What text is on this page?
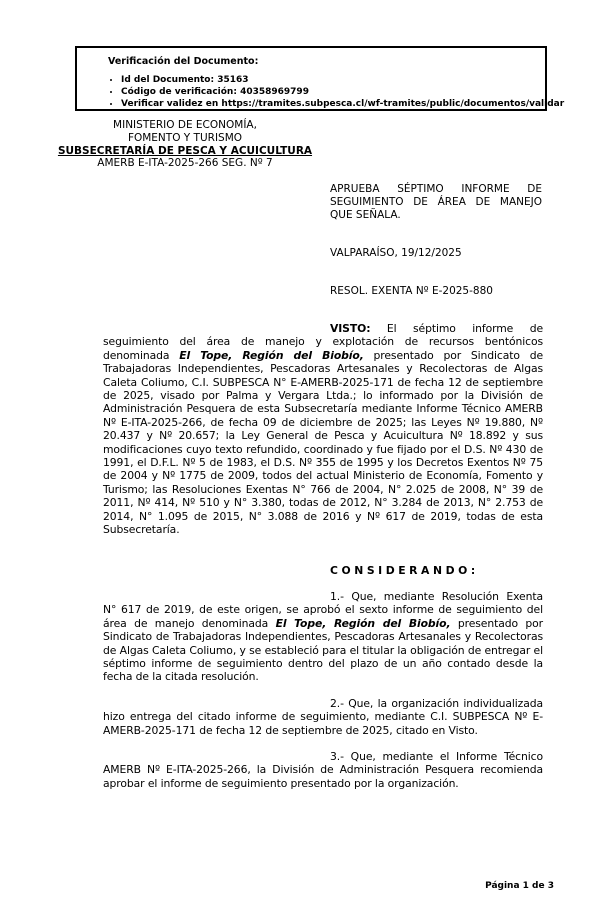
Verificación del Documento:
• Id del Documento: 35163
• Código de verificación: 40358969799
• Verificar validez en https://tramites.subpesca.cl/wf-tramites/public/documentos/validar
MINISTERIO DE ECONOMÍA,
FOMENTO Y TURISMO
SUBSECRETARÍA DE PESCA Y ACUICULTURA
AMERB E-ITA-2025-266 SEG. Nº 7

APRUEBA SÉPTIMO INFORME DE SEGUIMIENTO DE ÁREA DE MANEJO QUE SEÑALA.

VALPARAÍSO, 19/12/2025

RESOL. EXENTA Nº E-2025-880

VISTO: El séptimo informe de seguimiento del área de manejo y explotación de recursos bentónicos denominada El Tope, Región del Biobío, presentado por Sindicato de Trabajadoras Independientes, Pescadoras Artesanales y Recolectoras de Algas Caleta Coliumo, C.I. SUBPESCA N° E-AMERB-2025-171 de fecha 12 de septiembre de 2025, visado por Palma y Vergara Ltda.; lo informado por la División de Administración Pesquera de esta Subsecretaría mediante Informe Técnico AMERB Nº E-ITA-2025-266, de fecha 09 de diciembre de 2025; las Leyes Nº 19.880, Nº 20.437 y Nº 20.657; la Ley General de Pesca y Acuicultura Nº 18.892 y sus modificaciones cuyo texto refundido, coordinado y fue fijado por el D.S. Nº 430 de 1991, el D.F.L. Nº 5 de 1983, el D.S. Nº 355 de 1995 y los Decretos Exentos Nº 75 de 2004 y Nº 1775 de 2009, todos del actual Ministerio de Economía, Fomento y Turismo; las Resoluciones Exentas N° 766 de 2004, N° 2.025 de 2008, N° 39 de 2011, Nº 414, Nº 510 y N° 3.380, todas de 2012, N° 3.284 de 2013, N° 2.753 de 2014, N° 1.095 de 2015, N° 3.088 de 2016 y Nº 617 de 2019, todas de esta Subsecretaría.

C O N S I D E R A N D O :

1.- Que, mediante Resolución Exenta N° 617 de 2019, de este origen, se aprobó el sexto informe de seguimiento del área de manejo denominada El Tope, Región del Biobío, presentado por Sindicato de Trabajadoras Independientes, Pescadoras Artesanales y Recolectoras de Algas Caleta Coliumo, y se estableció para el titular la obligación de entregar el séptimo informe de seguimiento dentro del plazo de un año contado desde la fecha de la citada resolución.

2.- Que, la organización individualizada hizo entrega del citado informe de seguimiento, mediante C.I. SUBPESCA Nº E-AMERB-2025-171 de fecha 12 de septiembre de 2025, citado en Visto.

3.- Que, mediante el Informe Técnico AMERB Nº E-ITA-2025-266, la División de Administración Pesquera recomienda aprobar el informe de seguimiento presentado por la organización.

Página 1 de 3
